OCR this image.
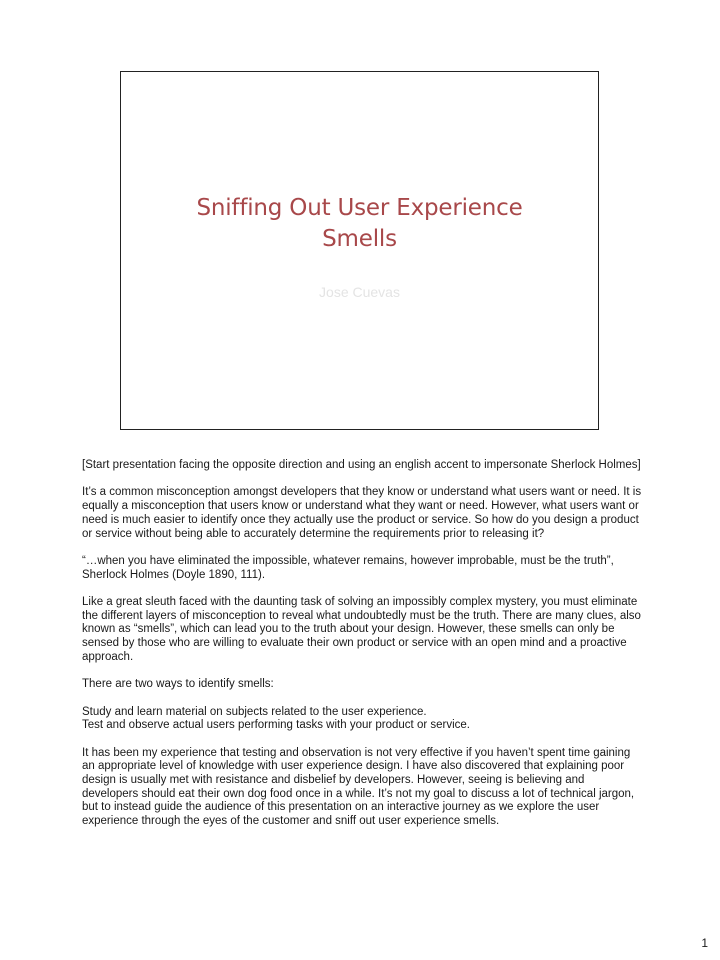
Sniffing Out User Experience
Smells
Jose Cuevas

[Start presentation facing the opposite direction and using an english accent to impersonate Sherlock Holmes]

It’s a common misconception amongst developers that they know or understand what users want or need. It is equally a misconception that users know or understand what they want or need. However, what users want or need is much easier to identify once they actually use the product or service. So how do you design a product or service without being able to accurately determine the requirements prior to releasing it?

“…when you have eliminated the impossible, whatever remains, however improbable, must be the truth”, Sherlock Holmes (Doyle 1890, 111).

Like a great sleuth faced with the daunting task of solving an impossibly complex mystery, you must eliminate the different layers of misconception to reveal what undoubtedly must be the truth. There are many clues, also known as “smells”, which can lead you to the truth about your design. However, these smells can only be sensed by those who are willing to evaluate their own product or service with an open mind and a proactive approach.

There are two ways to identify smells:

Study and learn material on subjects related to the user experience.
Test and observe actual users performing tasks with your product or service.

It has been my experience that testing and observation is not very effective if you haven’t spent time gaining an appropriate level of knowledge with user experience design. I have also discovered that explaining poor design is usually met with resistance and disbelief by developers. However, seeing is believing and developers should eat their own dog food once in a while. It’s not my goal to discuss a lot of technical jargon, but to instead guide the audience of this presentation on an interactive journey as we explore the user experience through the eyes of the customer and sniff out user experience smells.

1
